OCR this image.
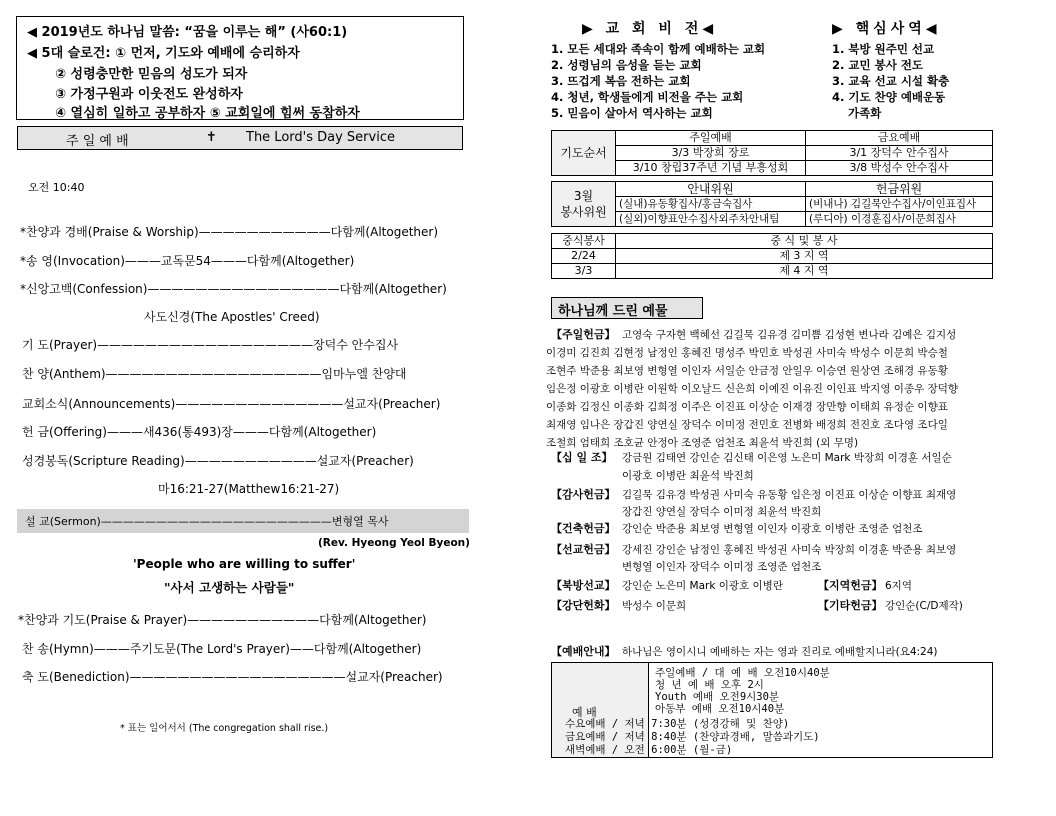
◀ 2019년도 하나님 말씀: “꿈을 이루는 해” (사60:1)
◀ 5대 슬로건: ① 먼저, 기도와 예배에 승리하자
② 성령충만한 믿음의 성도가 되자
③ 가정구원과 이웃전도 완성하자
④ 열심히 일하고 공부하자 ⑤ 교회일에 힘써 동참하자
주 일 예 배	✝ The Lord's Day Service
오전 10:40
*찬양과 경배(Praise & Worship)———————————다함께(Altogether)
*송 영(Invocation)———교독문54———다함께(Altogether)
*신앙고백(Confession)————————————————다함께(Altogether)
사도신경(The Apostles' Creed)
기 도(Prayer)——————————————————장덕수 안수집사
찬 양(Anthem)——————————————————임마누엘 찬양대
교회소식(Announcements)——————————————설교자(Preacher)
헌 금(Offering)———새436(통493)장———다함께(Altogether)
성경봉독(Scripture Reading)———————————설교자(Preacher)
마16:21-27(Matthew16:21-27)
설 교(Sermon)—————————————————————변형열 목사
(Rev. Hyeong Yeol Byeon)
'People who are willing to suffer'
"사서 고생하는 사람들"
*찬양과 기도(Praise & Prayer)———————————다함께(Altogether)
찬 송(Hymn)———주기도문(The Lord's Prayer)——다함께(Altogether)
축 도(Benediction)——————————————————설교자(Preacher)
* 표는 일어서서 (The congregation shall rise.)
▶ 교 회 비 전◀	▶ 핵심사역◀
1. 모든 세대와 족속이 함께 예배하는 교회
2. 성령님의 음성을 듣는 교회
3. 뜨겁게 복음 전하는 교회
4. 청년, 학생들에게 비전을 주는 교회
5. 믿음이 살아서 역사하는 교회
1. 북방 원주민 선교
2. 교민 봉사 전도
3. 교육 선교 시설 확충
4. 기도 찬양 예배운동
가족화
기도순서	주일예배	금요예배
	3/3 박장희 장로	3/1 장덕수 안수집사
	3/10 창립37주년 기념 부흥성회	3/8 박성수 안수집사
3월
봉사위원	안내위원	헌금위원
	(실내)유동황집사/홍금숙집사	(비내나) 김길묵안수집사/이인표집사
	(실외)이향표안수집사외주차안내팀	(루디아) 이경훈집사/이문희집사
중식봉사	중 식 및 봉 사
2/24	제 3 지 역
3/3	제 4 지 역
하나님께 드린 예물
【주일헌금】 고영숙 구자현 백혜선 김길묵 김유경 김미쁨 김성현 변나라 김예은 김지성
이경미 김진희 김현정 남정인 홍혜진 명성주 박민호 박성권 사미숙 박성수 이문희 박승철
조현주 박준용 최보영 변형열 이인자 서일순 안금정 안일우 이승연 원상연 조해경 유동황
임은정 이광호 이병란 이원학 이오날드 신은희 이예진 이유진 이인표 박지영 이종우 장덕향
이종화 김정신 이종화 김희정 이주은 이진표 이상순 이재경 장만향 이태희 유정순 이향표
최재영 임나은 장갑진 양연실 장덕수 이미정 전민호 전병화 배정희 전진호 조다영 조다일
조철희 엄태희 조호균 안정아 조영준 엄천조 최윤석 박진희 (외 무명)
【십 일 조】 강금원 김태연 강인순 김신태 이은영 노은미 Mark 박장희 이경훈 서일순
이광호 이병란 최윤석 박진희
【감사헌금】 김길묵 김유경 박성권 사미숙 유동황 임은정 이진표 이상순 이향표 최재영
장갑진 양연실 장덕수 이미정 최윤석 박진희
【건축헌금】 강인순 박준용 최보영 변형열 이인자 이광호 이병란 조영준 엄천조
【선교헌금】 강세진 강인순 남정인 홍혜진 박성권 사미숙 박장희 이경훈 박준용 최보영
변형열 이인자 장덕수 이미정 조영준 엄천조
【북방선교】 강인순 노은미 Mark 이광호 이병란	【지역헌금】 6지역
【강단헌화】 박성수 이문희	【기타헌금】 강인순(C/D제작)
【예배안내】 하나님은 영이시니 예배하는 자는 영과 진리로 예배할지니라(요4:24)
예 배
주일예배 / 대 예 배 오전10시40분
청 년 예 배 오후 2시
Youth 예배 오전9시30분
아동부 예배 오전10시40분
수요예배 / 저녁 7:30분 (성경강해 및 찬양)
금요예배 / 저녁 8:40분 (찬양과경배, 말씀과기도)
새벽예배 / 오전 6:00분 (월-금)
